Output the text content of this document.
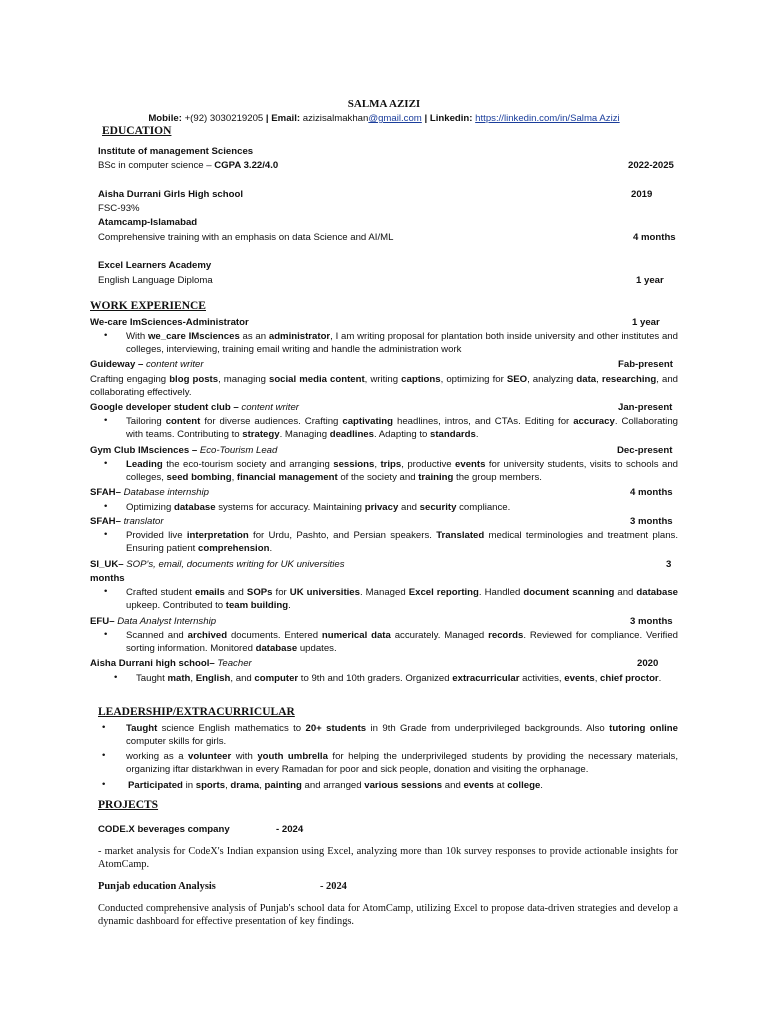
SALMA AZIZI
Mobile: +(92) 3030219205 | Email: azizisalmakhan@gmail.com | Linkedin: https://linkedin.com/in/Salma Azizi
EDUCATION
Institute of management Sciences
BSc in computer science – CGPA 3.22/4.0	2022-2025
Aisha Durrani Girls High school	2019
FSC-93%
Atamcamp-Islamabad
Comprehensive training with an emphasis on data Science and AI/ML	4 months
Excel Learners Academy
English Language Diploma	1 year
WORK EXPERIENCE
We-care ImSciences-Administrator	1 year
• With we_care IMsciences as an administrator, I am writing proposal for plantation both inside university and other institutes and colleges, interviewing, training email writing and handle the administration work
Guideway – content writer	Fab-present
Crafting engaging blog posts, managing social media content, writing captions, optimizing for SEO, analyzing data, researching, and collaborating effectively.
Google developer student club – content writer	Jan-present
• Tailoring content for diverse audiences. Crafting captivating headlines, intros, and CTAs. Editing for accuracy. Collaborating with teams. Contributing to strategy. Managing deadlines. Adapting to standards.
Gym Club IMsciences – Eco-Tourism Lead	Dec-present
• Leading the eco-tourism society and arranging sessions, trips, productive events for university students, visits to schools and colleges, seed bombing, financial management of the society and training the group members.
SFAH– Database internship	4 months
• Optimizing database systems for accuracy. Maintaining privacy and security compliance.
SFAH– translator	3 months
• Provided live interpretation for Urdu, Pashto, and Persian speakers. Translated medical terminologies and treatment plans. Ensuring patient comprehension.
SI_UK– SOP's, email, documents writing for UK universities	3
months
• Crafted student emails and SOPs for UK universities. Managed Excel reporting. Handled document scanning and database upkeep. Contributed to team building.
EFU– Data Analyst Internship	3 months
• Scanned and archived documents. Entered numerical data accurately. Managed records. Reviewed for compliance. Verified sorting information. Monitored database updates.
Aisha Durrani high school– Teacher	2020
• Taught math, English, and computer to 9th and 10th graders. Organized extracurricular activities, events, chief proctor.
LEADERSHIP/EXTRACURRICULAR
• Taught science English mathematics to 20+ students in 9th Grade from underprivileged backgrounds. Also tutoring online computer skills for girls.
• working as a volunteer with youth umbrella for helping the underprivileged students by providing the necessary materials, organizing iftar distarkhwan in every Ramadan for poor and sick people, donation and visiting the orphanage.
• Participated in sports, drama, painting and arranged various sessions and events at college.
PROJECTS
CODE.X beverages company	- 2024
- market analysis for CodeX's Indian expansion using Excel, analyzing more than 10k survey responses to provide actionable insights for AtomCamp.
Punjab education Analysis	- 2024
Conducted comprehensive analysis of Punjab's school data for AtomCamp, utilizing Excel to propose data-driven strategies and develop a dynamic dashboard for effective presentation of key findings.
